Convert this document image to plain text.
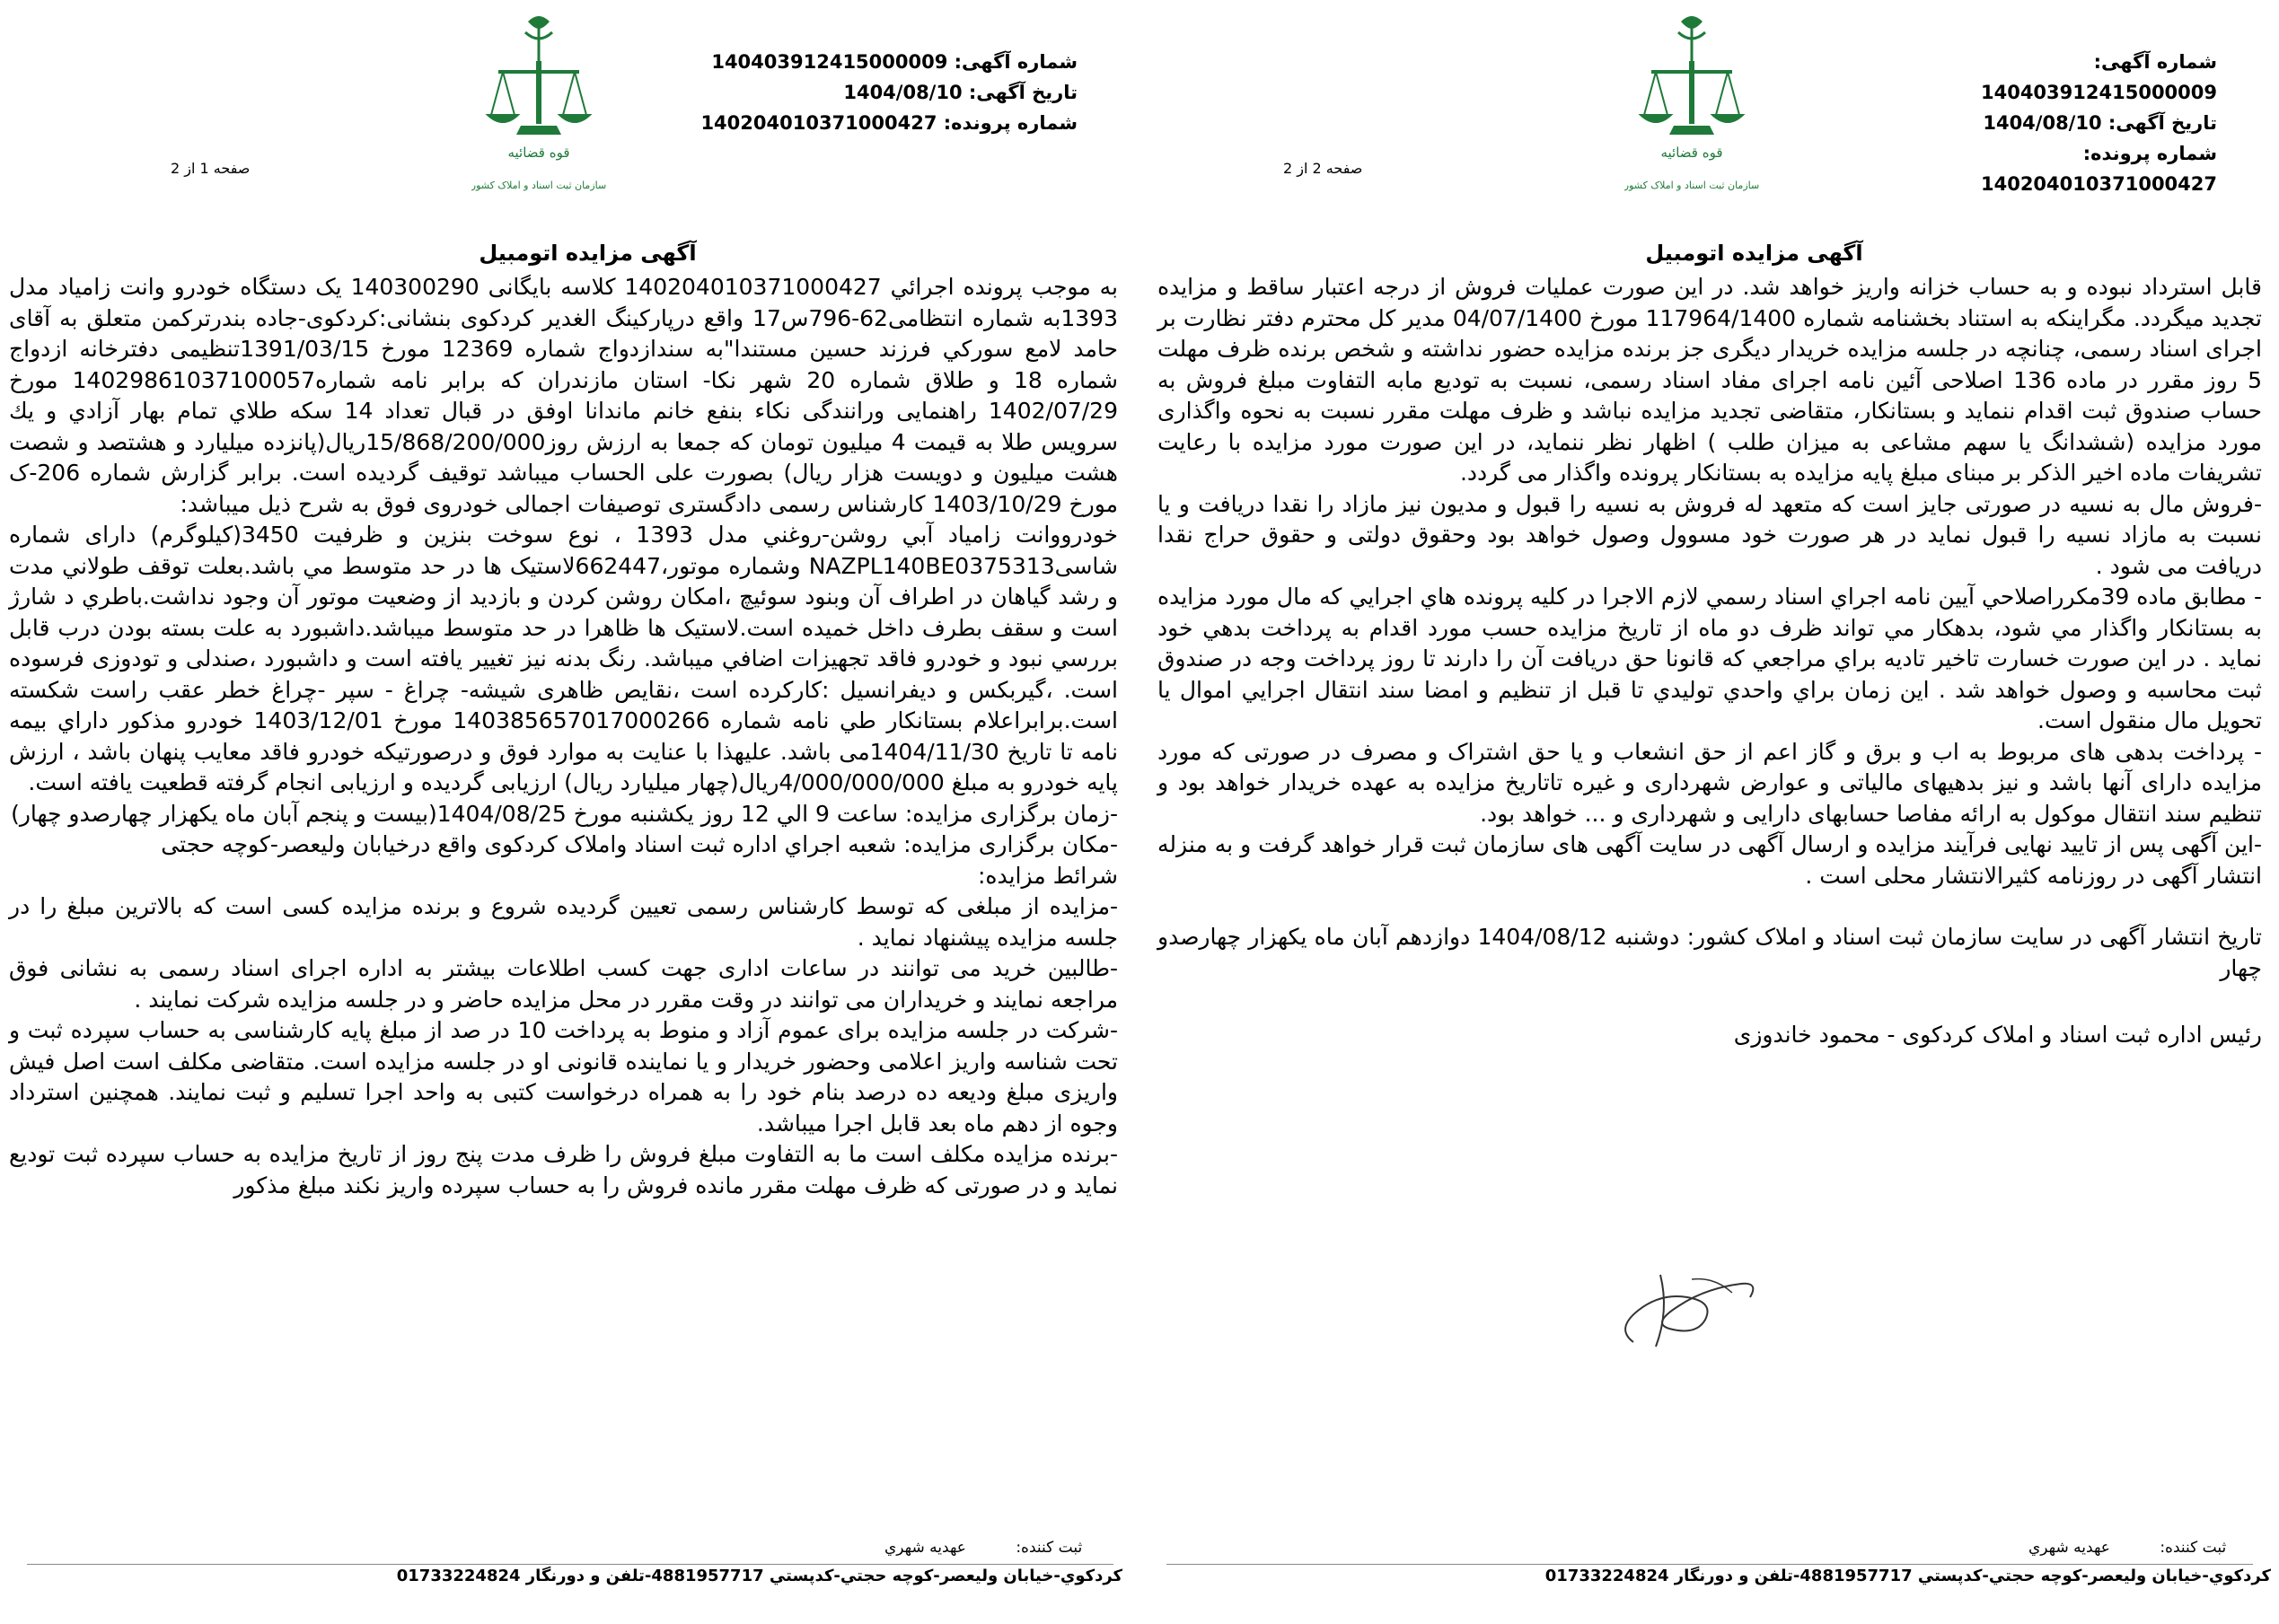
قوه قضائیه
سازمان ثبت اسناد و املاک کشور
شماره آگهی: 140403912415000009
تاریخ آگهی: 1404/08/10
شماره پرونده: 140204010371000427
صفحه 1 از 2
آگهی مزایده اتومبیل

به موجب پرونده اجرائي 140204010371000427 کلاسه بایگانی 140300290 یک دستگاه خودرو وانت زامیاد مدل 1393به شماره انتظامی62-796س17 واقع درپارکینگ الغدیر کردکوی بنشانی:کردکوی-جاده بندرترکمن متعلق به آقای حامد لامع سورکي فرزند حسين مستندا"به سندازدواج شماره 12369 مورخ 1391/03/15تنظيمی دفترخانه ازدواج شماره 18 و طلاق شماره 20 شهر نکا- استان مازندران که برابر نامه شماره14029861037100057 مورخ 1402/07/29 راهنمایی ورانندگی نکاء بنفع خانم ماندانا اوفق در قبال تعداد 14 سکه طلاي تمام بهار آزادي و یك سرويس طلا به قیمت 4 میلیون تومان که جمعا به ارزش روز15/868/200/000ریال(پانزده میلیارد و هشتصد و شصت هشت میلیون و دويست هزار ریال) بصورت علی الحساب میباشد توقیف گرديده است. برابر گزارش شماره 206-ک مورخ 1403/10/29 کارشناس رسمی دادگستری توصیفات اجمالی خودروی فوق به شرح ذیل میباشد:

خودرووانت زامیاد آبي روشن-روغني مدل 1393 ، نوع سوخت بنزين و ظرفیت 3450(کیلوگرم) دارای شماره شاسیNAZPL140BE0375313 وشماره موتور،662447لاستيک ها در حد متوسط مي باشد.بعلت توقف طولاني مدت و رشد گیاهان در اطراف آن وبنود سوئیچ ،امکان روشن کردن و بازديد از وضعیت موتور آن وجود نداشت.باطري د شارژ است و سقف بطرف داخل خمیده است.لاستیک ها ظاهرا در حد متوسط میباشد.داشبورد به علت بسته بودن درب قابل بررسي نبود و خودرو فاقد تجهیزات اضافي میباشد. رنگ بدنه نیز تغییر یافته است و داشبورد ،صندلی و تودوزی فرسوده است. ،گیربکس و دیفرانسیل :کارکرده است ،نقایص ظاهری شیشه- چراغ - سپر -چراغ خطر عقب راست شکسته است.برابراعلام بستانکار طي نامه شماره 140385657017000266 مورخ 1403/12/01 خودرو مذکور داراي بیمه نامه تا تاریخ 1404/11/30می باشد. علیهذا با عنایت به موارد فوق و درصورتیکه خودرو فاقد معایب پنهان باشد ، ارزش پایه خودرو به مبلغ 4/000/000/000ریال(چهار میلیارد ریال) ارزیابی گرديده و ارزیابی انجام گرفته قطعیت یافته است.

-زمان برگزاری مزایده: ساعت 9 الي 12 روز یکشنبه مورخ 1404/08/25(بیست و پنجم آبان ماه یکهزار چهارصدو چهار)

-مکان برگزاری مزایده: شعبه اجراي اداره ثبت اسناد واملاک کردکوی واقع درخیابان ولیعصر-کوچه حجتی

شرائط مزایده:

-مزایده از مبلغی که توسط کارشناس رسمی تعیین گردیده شروع و برنده مزایده کسی است که بالاترین مبلغ را در جلسه مزایده پیشنهاد نماید .

-طالبین خرید می توانند در ساعات اداری جهت کسب اطلاعات بیشتر به اداره اجرای اسناد رسمی به نشانی فوق مراجعه نمایند و خریداران می توانند در وقت مقرر در محل مزایده حاضر و در جلسه مزایده شرکت نمایند .

-شرکت در جلسه مزایده برای عموم آزاد و منوط به پرداخت 10 در صد از مبلغ پایه کارشناسی به حساب سپرده ثبت و تحت شناسه واریز اعلامی وحضور خریدار و یا نماینده قانونی او در جلسه مزایده است. متقاضی مکلف است اصل فیش واریزی مبلغ ودیعه ده درصد بنام خود را به همراه درخواست کتبی به واحد اجرا تسلیم و ثبت نمایند. همچنین استرداد وجوه از دهم ماه بعد قابل اجرا میباشد.

-برنده مزایده مکلف است ما به التفاوت مبلغ فروش را ظرف مدت پنج روز از تاریخ مزایده به حساب سپرده ثبت تودیع نماید و در صورتی که ظرف مهلت مقرر مانده فروش را به حساب سپرده واریز نکند مبلغ مذکور

ثبت کننده: عهدیه شهري
کردکوي-خيابان وليعصر-کوچه حجتي-کدپستي 4881957717-تلفن و دورنگار 01733224824
قوه قضائیه
سازمان ثبت اسناد و املاک کشور
شماره آگهی: 140403912415000009
تاریخ آگهی: 1404/08/10
شماره پرونده: 140204010371000427
صفحه 2 از 2
آگهی مزایده اتومبیل

قابل استرداد نبوده و به حساب خزانه واریز خواهد شد. در این صورت عملیات فروش از درجه اعتبار ساقط و مزایده تجدید میگردد. مگراینکه به استناد بخشنامه شماره 117964/1400 مورخ 04/07/1400 مدیر کل محترم دفتر نظارت بر اجرای اسناد رسمی، چنانچه در جلسه مزایده خریدار دیگری جز برنده مزایده حضور نداشته و شخص برنده ظرف مهلت 5 روز مقرر در ماده 136 اصلاحی آئین نامه اجرای مفاد اسناد رسمی، نسبت به تودیع مابه التفاوت مبلغ فروش به حساب صندوق ثبت اقدام ننماید و بستانکار، متقاضی تجدید مزایده نباشد و ظرف مهلت مقرر نسبت به نحوه واگذاری مورد مزایده (ششدانگ یا سهم مشاعی به میزان طلب ) اظهار نظر ننماید، در این صورت مورد مزایده با رعایت تشریفات ماده اخیر الذکر بر مبنای مبلغ پایه مزایده به بستانکار پرونده واگذار می گردد.

-فروش مال به نسیه در صورتی جایز است که متعهد له فروش به نسیه را قبول و مدیون نیز مازاد را نقدا دریافت و یا نسبت به مازاد نسیه را قبول نماید در هر صورت خود مسوول وصول خواهد بود وحقوق دولتی و حقوق حراج نقدا دریافت می شود .

- مطابق ماده 39مکرراصلاحي آيين نامه اجراي اسناد رسمي لازم الاجرا در کليه پرونده هاي اجرايي که مال مورد مزايده به بستانکار واگذار مي شود، بدهکار مي تواند ظرف دو ماه از تاريخ مزايده حسب مورد اقدام به پرداخت بدهي خود نمايد . در اين صورت خسارت تاخير تاديه براي مراجعي که قانونا حق دريافت آن را دارند تا روز پرداخت وجه در صندوق ثبت محاسبه و وصول خواهد شد . اين زمان براي واحدي توليدي تا قبل از تنظيم و امضا سند انتقال اجرايي اموال يا تحويل مال منقول است.

- پرداخت بدهی های مربوط به اب و برق و گاز اعم از حق انشعاب و یا حق اشتراک و مصرف در صورتی که مورد مزایده دارای آنها باشد و نیز بدهیهای مالیاتی و عوارض شهرداری و غیره تاتاریخ مزایده به عهده خریدار خواهد بود و تنظیم سند انتقال موکول به ارائه مفاصا حسابهای دارایی و شهرداری و ... خواهد بود.

-این آگهی پس از تایید نهایی فرآیند مزایده و ارسال آگهی در سایت آگهی های سازمان ثبت قرار خواهد گرفت و به منزله انتشار آگهی در روزنامه کثیرالانتشار محلی است .

تاریخ انتشار آگهی در سایت سازمان ثبت اسناد و املاک کشور: دوشنبه 1404/08/12 دوازدهم آبان ماه یکهزار چهارصدو چهار

رئیس اداره ثبت اسناد و املاک کردکوی - محمود خاندوزی

ثبت کننده: عهدیه شهري
کردکوي-خيابان وليعصر-کوچه حجتي-کدپستي 4881957717-تلفن و دورنگار 01733224824
